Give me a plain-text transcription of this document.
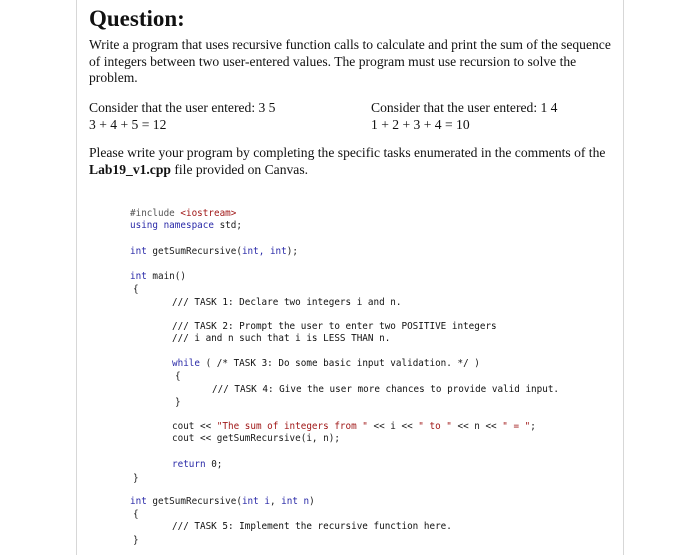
Question:

Write a program that uses recursive function calls to calculate and print the sum of the sequence of integers between two user-entered values. The program must use recursion to solve the problem.

Consider that the user entered: 3 5
3 + 4 + 5 = 12
Consider that the user entered: 1 4
1 + 2 + 3 + 4 = 10

Please write your program by completing the specific tasks enumerated in the comments of the Lab19_v1.cpp file provided on Canvas.

#include <iostream>
using namespace std;
int getSumRecursive(int, int);
int main()
{
/// TASK 1: Declare two integers i and n.
/// TASK 2: Prompt the user to enter two POSITIVE integers
/// i and n such that i is LESS THAN n.
while ( /* TASK 3: Do some basic input validation. */ )
{
/// TASK 4: Give the user more chances to provide valid input.
}
cout << "The sum of integers from " << i << " to " << n << " = ";
cout << getSumRecursive(i, n);
return 0;
}
int getSumRecursive(int i, int n)
{
/// TASK 5: Implement the recursive function here.
}
